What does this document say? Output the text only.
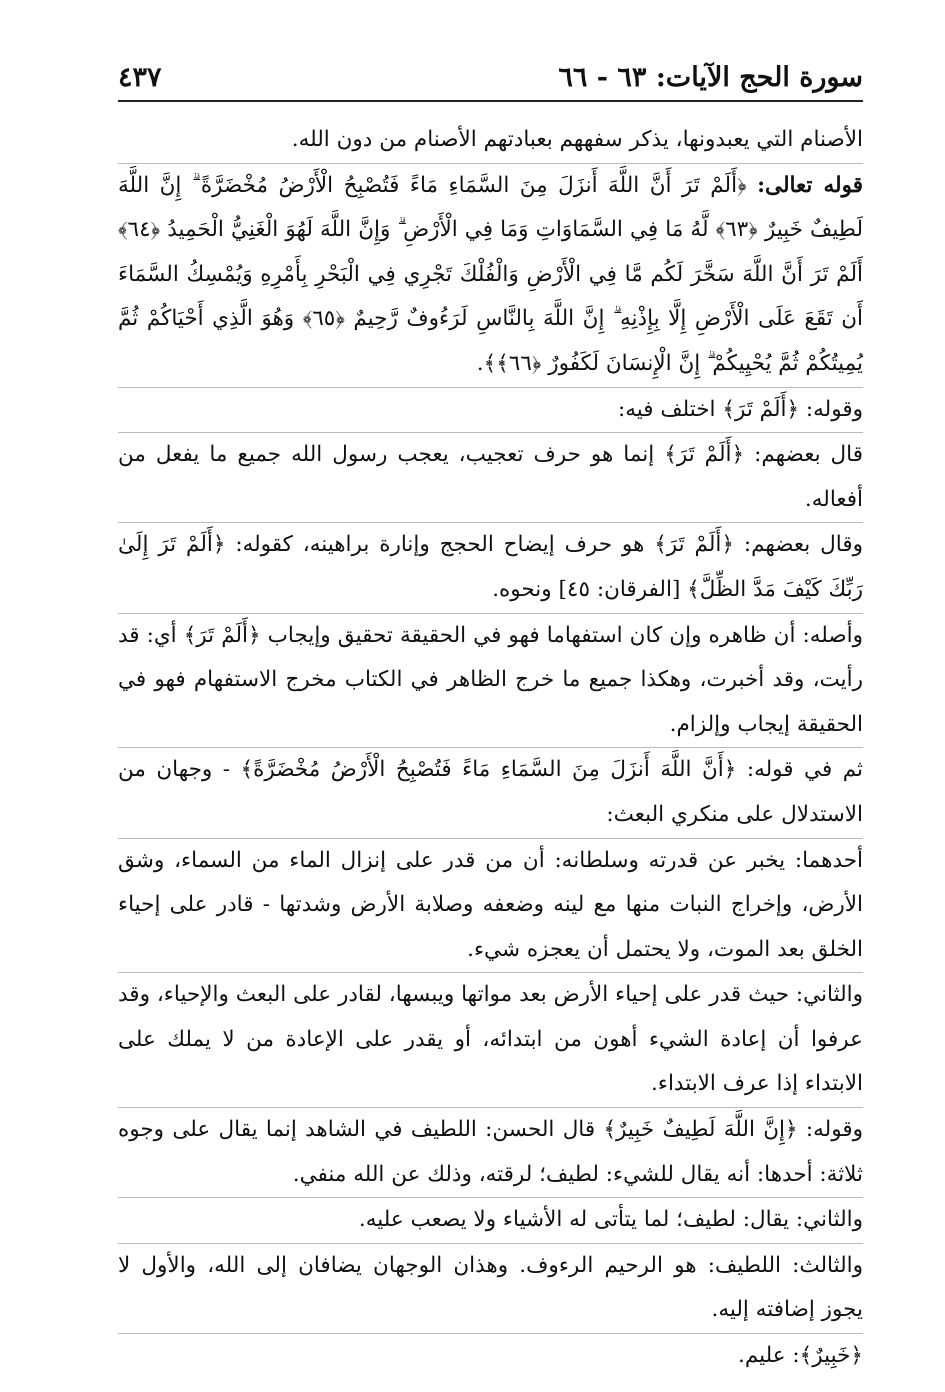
سورة الحج الآيات: ٦٣ - ٦٦
٤٣٧

الأصنام التي يعبدونها، يذكر سفههم بعبادتهم الأصنام من دون الله.

قوله تعالى: ﴿أَلَمْ تَرَ أَنَّ اللَّهَ أَنزَلَ مِنَ السَّمَاءِ مَاءً فَتُصْبِحُ الْأَرْضُ مُخْضَرَّةً ۗ إِنَّ اللَّهَ لَطِيفٌ خَبِيرٌ ﴿٦٣﴾ لَّهُ مَا فِي السَّمَاوَاتِ وَمَا فِي الْأَرْضِ ۗ وَإِنَّ اللَّهَ لَهُوَ الْغَنِيُّ الْحَمِيدُ ﴿٦٤﴾ أَلَمْ تَرَ أَنَّ اللَّهَ سَخَّرَ لَكُم مَّا فِي الْأَرْضِ وَالْفُلْكَ تَجْرِي فِي الْبَحْرِ بِأَمْرِهِ وَيُمْسِكُ السَّمَاءَ أَن تَقَعَ عَلَى الْأَرْضِ إِلَّا بِإِذْنِهِ ۗ إِنَّ اللَّهَ بِالنَّاسِ لَرَءُوفٌ رَّحِيمٌ ﴿٦٥﴾ وَهُوَ الَّذِي أَحْيَاكُمْ ثُمَّ يُمِيتُكُمْ ثُمَّ يُحْيِيكُمْ ۗ إِنَّ الْإِنسَانَ لَكَفُورٌ ﴿٦٦﴾﴾.

وقوله: ﴿أَلَمْ تَرَ﴾ اختلف فيه:

قال بعضهم: ﴿أَلَمْ تَرَ﴾ إنما هو حرف تعجيب، يعجب رسول الله جميع ما يفعل من أفعاله.

وقال بعضهم: ﴿أَلَمْ تَرَ﴾ هو حرف إيضاح الحجج وإنارة براهينه، كقوله: ﴿أَلَمْ تَرَ إِلَىٰ رَبِّكَ كَيْفَ مَدَّ الظِّلَّ﴾ [الفرقان: ٤٥] ونحوه.

وأصله: أن ظاهره وإن كان استفهاما فهو في الحقيقة تحقيق وإيجاب ﴿أَلَمْ تَرَ﴾ أي: قد رأيت، وقد أخبرت، وهكذا جميع ما خرج الظاهر في الكتاب مخرج الاستفهام فهو في الحقيقة إيجاب وإلزام.

ثم في قوله: ﴿أَنَّ اللَّهَ أَنزَلَ مِنَ السَّمَاءِ مَاءً فَتُصْبِحُ الْأَرْضُ مُخْضَرَّةً﴾ - وجهان من الاستدلال على منكري البعث:

أحدهما: يخبر عن قدرته وسلطانه: أن من قدر على إنزال الماء من السماء، وشق الأرض، وإخراج النبات منها مع لينه وضعفه وصلابة الأرض وشدتها - قادر على إحياء الخلق بعد الموت، ولا يحتمل أن يعجزه شيء.

والثاني: حيث قدر على إحياء الأرض بعد مواتها ويبسها، لقادر على البعث والإحياء، وقد عرفوا أن إعادة الشيء أهون من ابتدائه، أو يقدر على الإعادة من لا يملك على الابتداء إذا عرف الابتداء.

وقوله: ﴿إِنَّ اللَّهَ لَطِيفٌ خَبِيرٌ﴾ قال الحسن: اللطيف في الشاهد إنما يقال على وجوه ثلاثة: أحدها: أنه يقال للشيء: لطيف؛ لرقته، وذلك عن الله منفي.

والثاني: يقال: لطيف؛ لما يتأتى له الأشياء ولا يصعب عليه.

والثالث: اللطيف: هو الرحيم الرءوف. وهذان الوجهان يضافان إلى الله، والأول لا يجوز إضافته إليه.

﴿خَبِيرٌ﴾: عليم.
